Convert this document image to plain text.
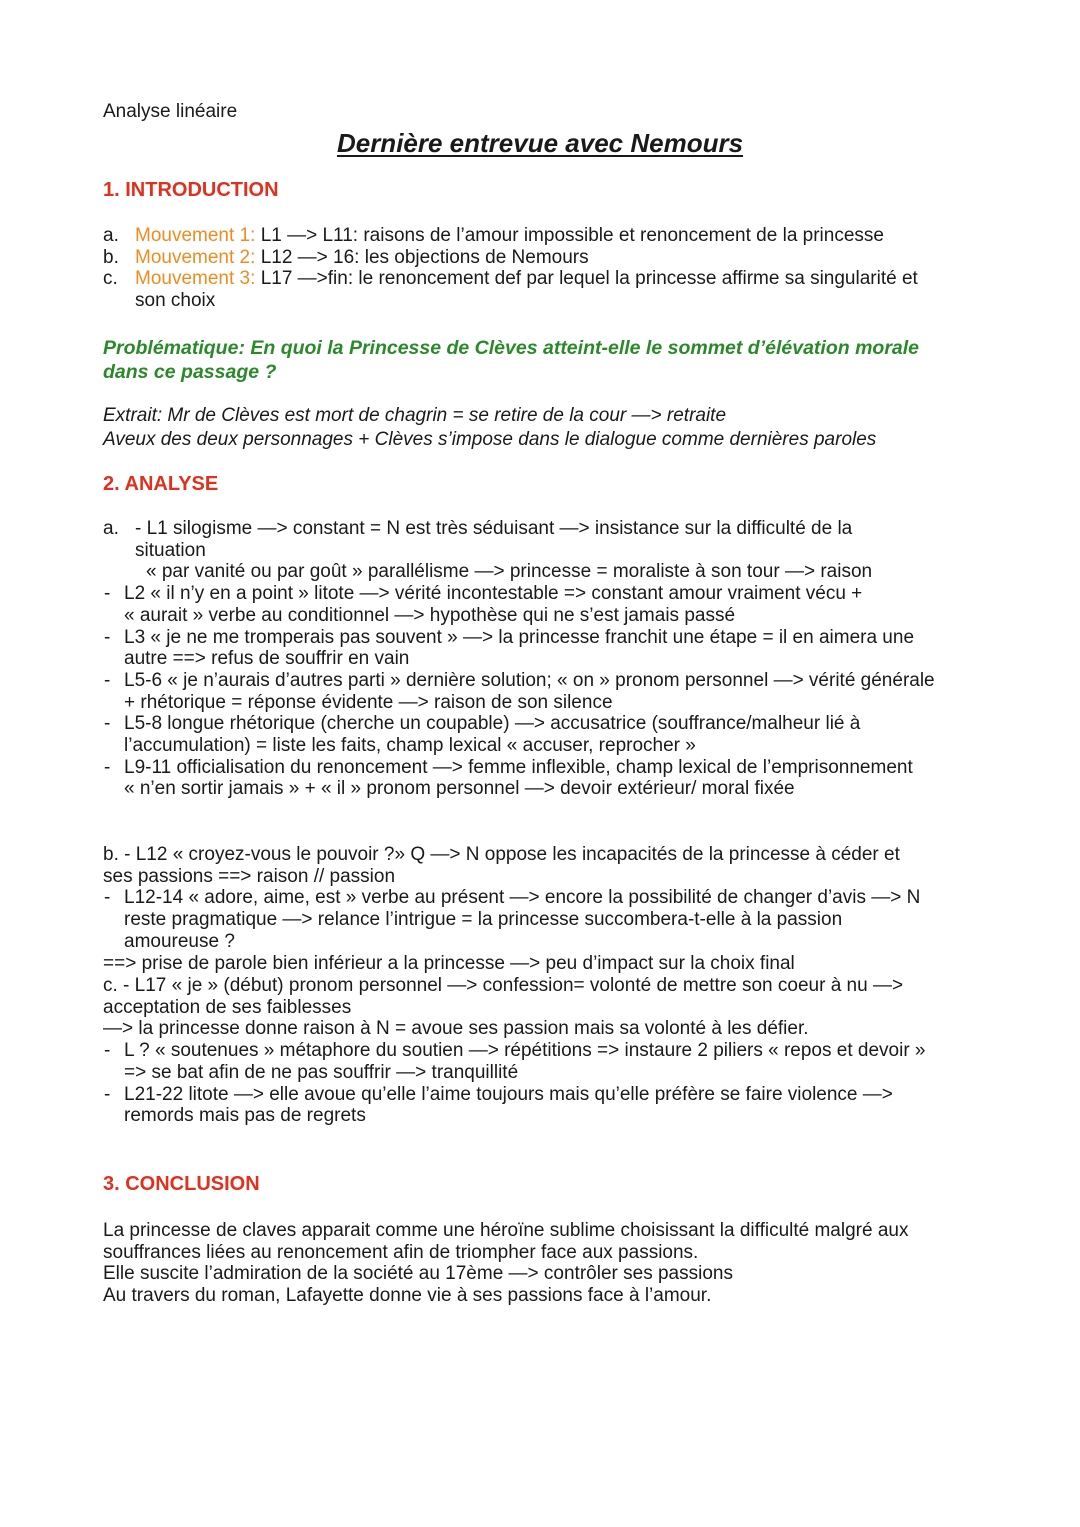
Analyse linéaire
Dernière entrevue avec Nemours
1. INTRODUCTION
a. Mouvement 1: L1 —> L11: raisons de l’amour impossible et renoncement de la princesse
b. Mouvement 2: L12 —> 16: les objections de Nemours
c. Mouvement 3: L17 —>fin: le renoncement def par lequel la princesse affirme sa singularité et
son choix
Problématique: En quoi la Princesse de Clèves atteint-elle le sommet d’élévation morale
dans ce passage ?
Extrait: Mr de Clèves est mort de chagrin = se retire de la cour —> retraite
Aveux des deux personnages + Clèves s’impose dans le dialogue comme dernières paroles
2. ANALYSE
a. - L1 silogisme —> constant = N est très séduisant —> insistance sur la difficulté de la
situation
« par vanité ou par goût » parallélisme —> princesse = moraliste à son tour —> raison
- L2 « il n’y en a point » litote —> vérité incontestable => constant amour vraiment vécu +
« aurait » verbe au conditionnel —> hypothèse qui ne s’est jamais passé
- L3 « je ne me tromperais pas souvent » —> la princesse franchit une étape = il en aimera une
autre ==> refus de souffrir en vain
- L5-6 « je n’aurais d’autres parti » dernière solution; « on » pronom personnel —> vérité générale
+ rhétorique = réponse évidente —> raison de son silence
- L5-8 longue rhétorique (cherche un coupable) —> accusatrice (souffrance/malheur lié à
l’accumulation) = liste les faits, champ lexical « accuser, reprocher »
- L9-11 officialisation du renoncement —> femme inflexible, champ lexical de l’emprisonnement
« n’en sortir jamais » + « il » pronom personnel —> devoir extérieur/ moral fixée
b. - L12 « croyez-vous le pouvoir ?» Q —> N oppose les incapacités de la princesse à céder et
ses passions ==> raison // passion
- L12-14 « adore, aime, est » verbe au présent —> encore la possibilité de changer d’avis —> N
reste pragmatique —> relance l’intrigue = la princesse succombera-t-elle à la passion
amoureuse ?
==> prise de parole bien inférieur a la princesse —> peu d’impact sur la choix final
c. - L17 « je » (début) pronom personnel —> confession= volonté de mettre son coeur à nu —>
acceptation de ses faiblesses
—> la princesse donne raison à N = avoue ses passion mais sa volonté à les défier.
- L ? « soutenues » métaphore du soutien —> répétitions => instaure 2 piliers « repos et devoir »
=> se bat afin de ne pas souffrir —> tranquillité
- L21-22 litote —> elle avoue qu’elle l’aime toujours mais qu’elle préfère se faire violence —>
remords mais pas de regrets
3. CONCLUSION
La princesse de claves apparait comme une héroïne sublime choisissant la difficulté malgré aux
souffrances liées au renoncement afin de triompher face aux passions.
Elle suscite l’admiration de la société au 17ème —> contrôler ses passions
Au travers du roman, Lafayette donne vie à ses passions face à l’amour.
